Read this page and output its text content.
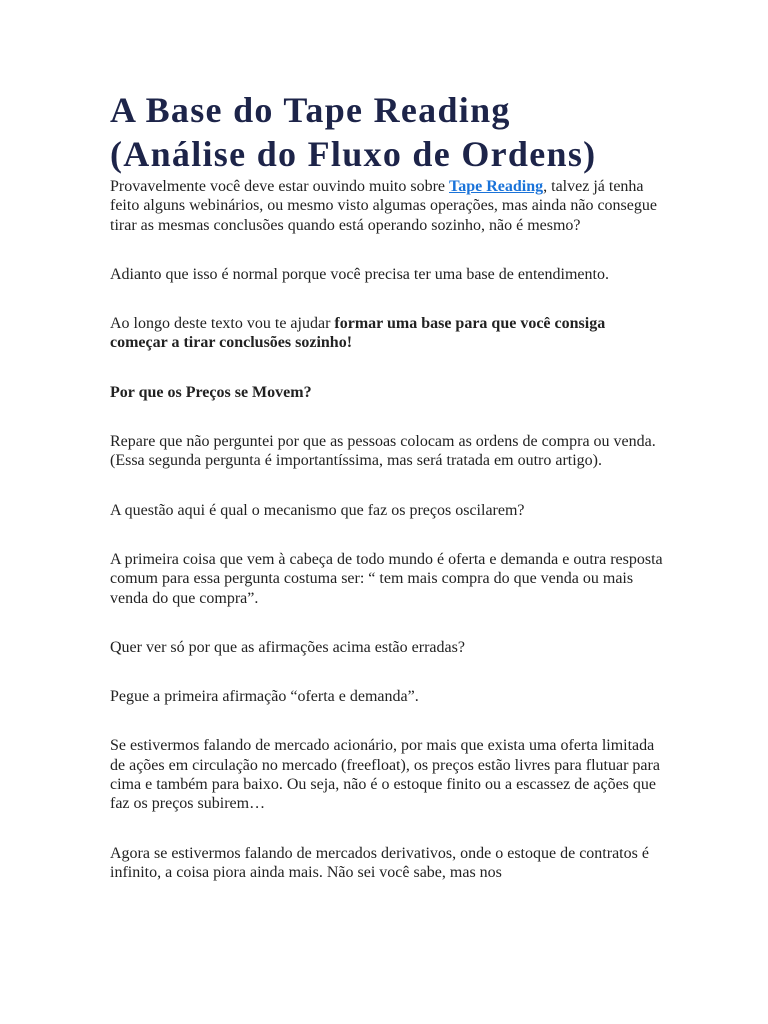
A Base do Tape Reading
(Análise do Fluxo de Ordens)

Provavelmente você deve estar ouvindo muito sobre Tape Reading, talvez já tenha feito alguns webinários, ou mesmo visto algumas operações, mas ainda não consegue tirar as mesmas conclusões quando está operando sozinho, não é mesmo?

Adianto que isso é normal porque você precisa ter uma base de entendimento.

Ao longo deste texto vou te ajudar formar uma base para que você consiga começar a tirar conclusões sozinho!

Por que os Preços se Movem?

Repare que não perguntei por que as pessoas colocam as ordens de compra ou venda. (Essa segunda pergunta é importantíssima, mas será tratada em outro artigo).

A questão aqui é qual o mecanismo que faz os preços oscilarem?

A primeira coisa que vem à cabeça de todo mundo é oferta e demanda e outra resposta comum para essa pergunta costuma ser: “ tem mais compra do que venda ou mais venda do que compra”.

Quer ver só por que as afirmações acima estão erradas?

Pegue a primeira afirmação “oferta e demanda”.

Se estivermos falando de mercado acionário, por mais que exista uma oferta limitada de ações em circulação no mercado (freefloat), os preços estão livres para flutuar para cima e também para baixo. Ou seja, não é o estoque finito ou a escassez de ações que faz os preços subirem…

Agora se estivermos falando de mercados derivativos, onde o estoque de contratos é infinito, a coisa piora ainda mais. Não sei você sabe, mas nos
